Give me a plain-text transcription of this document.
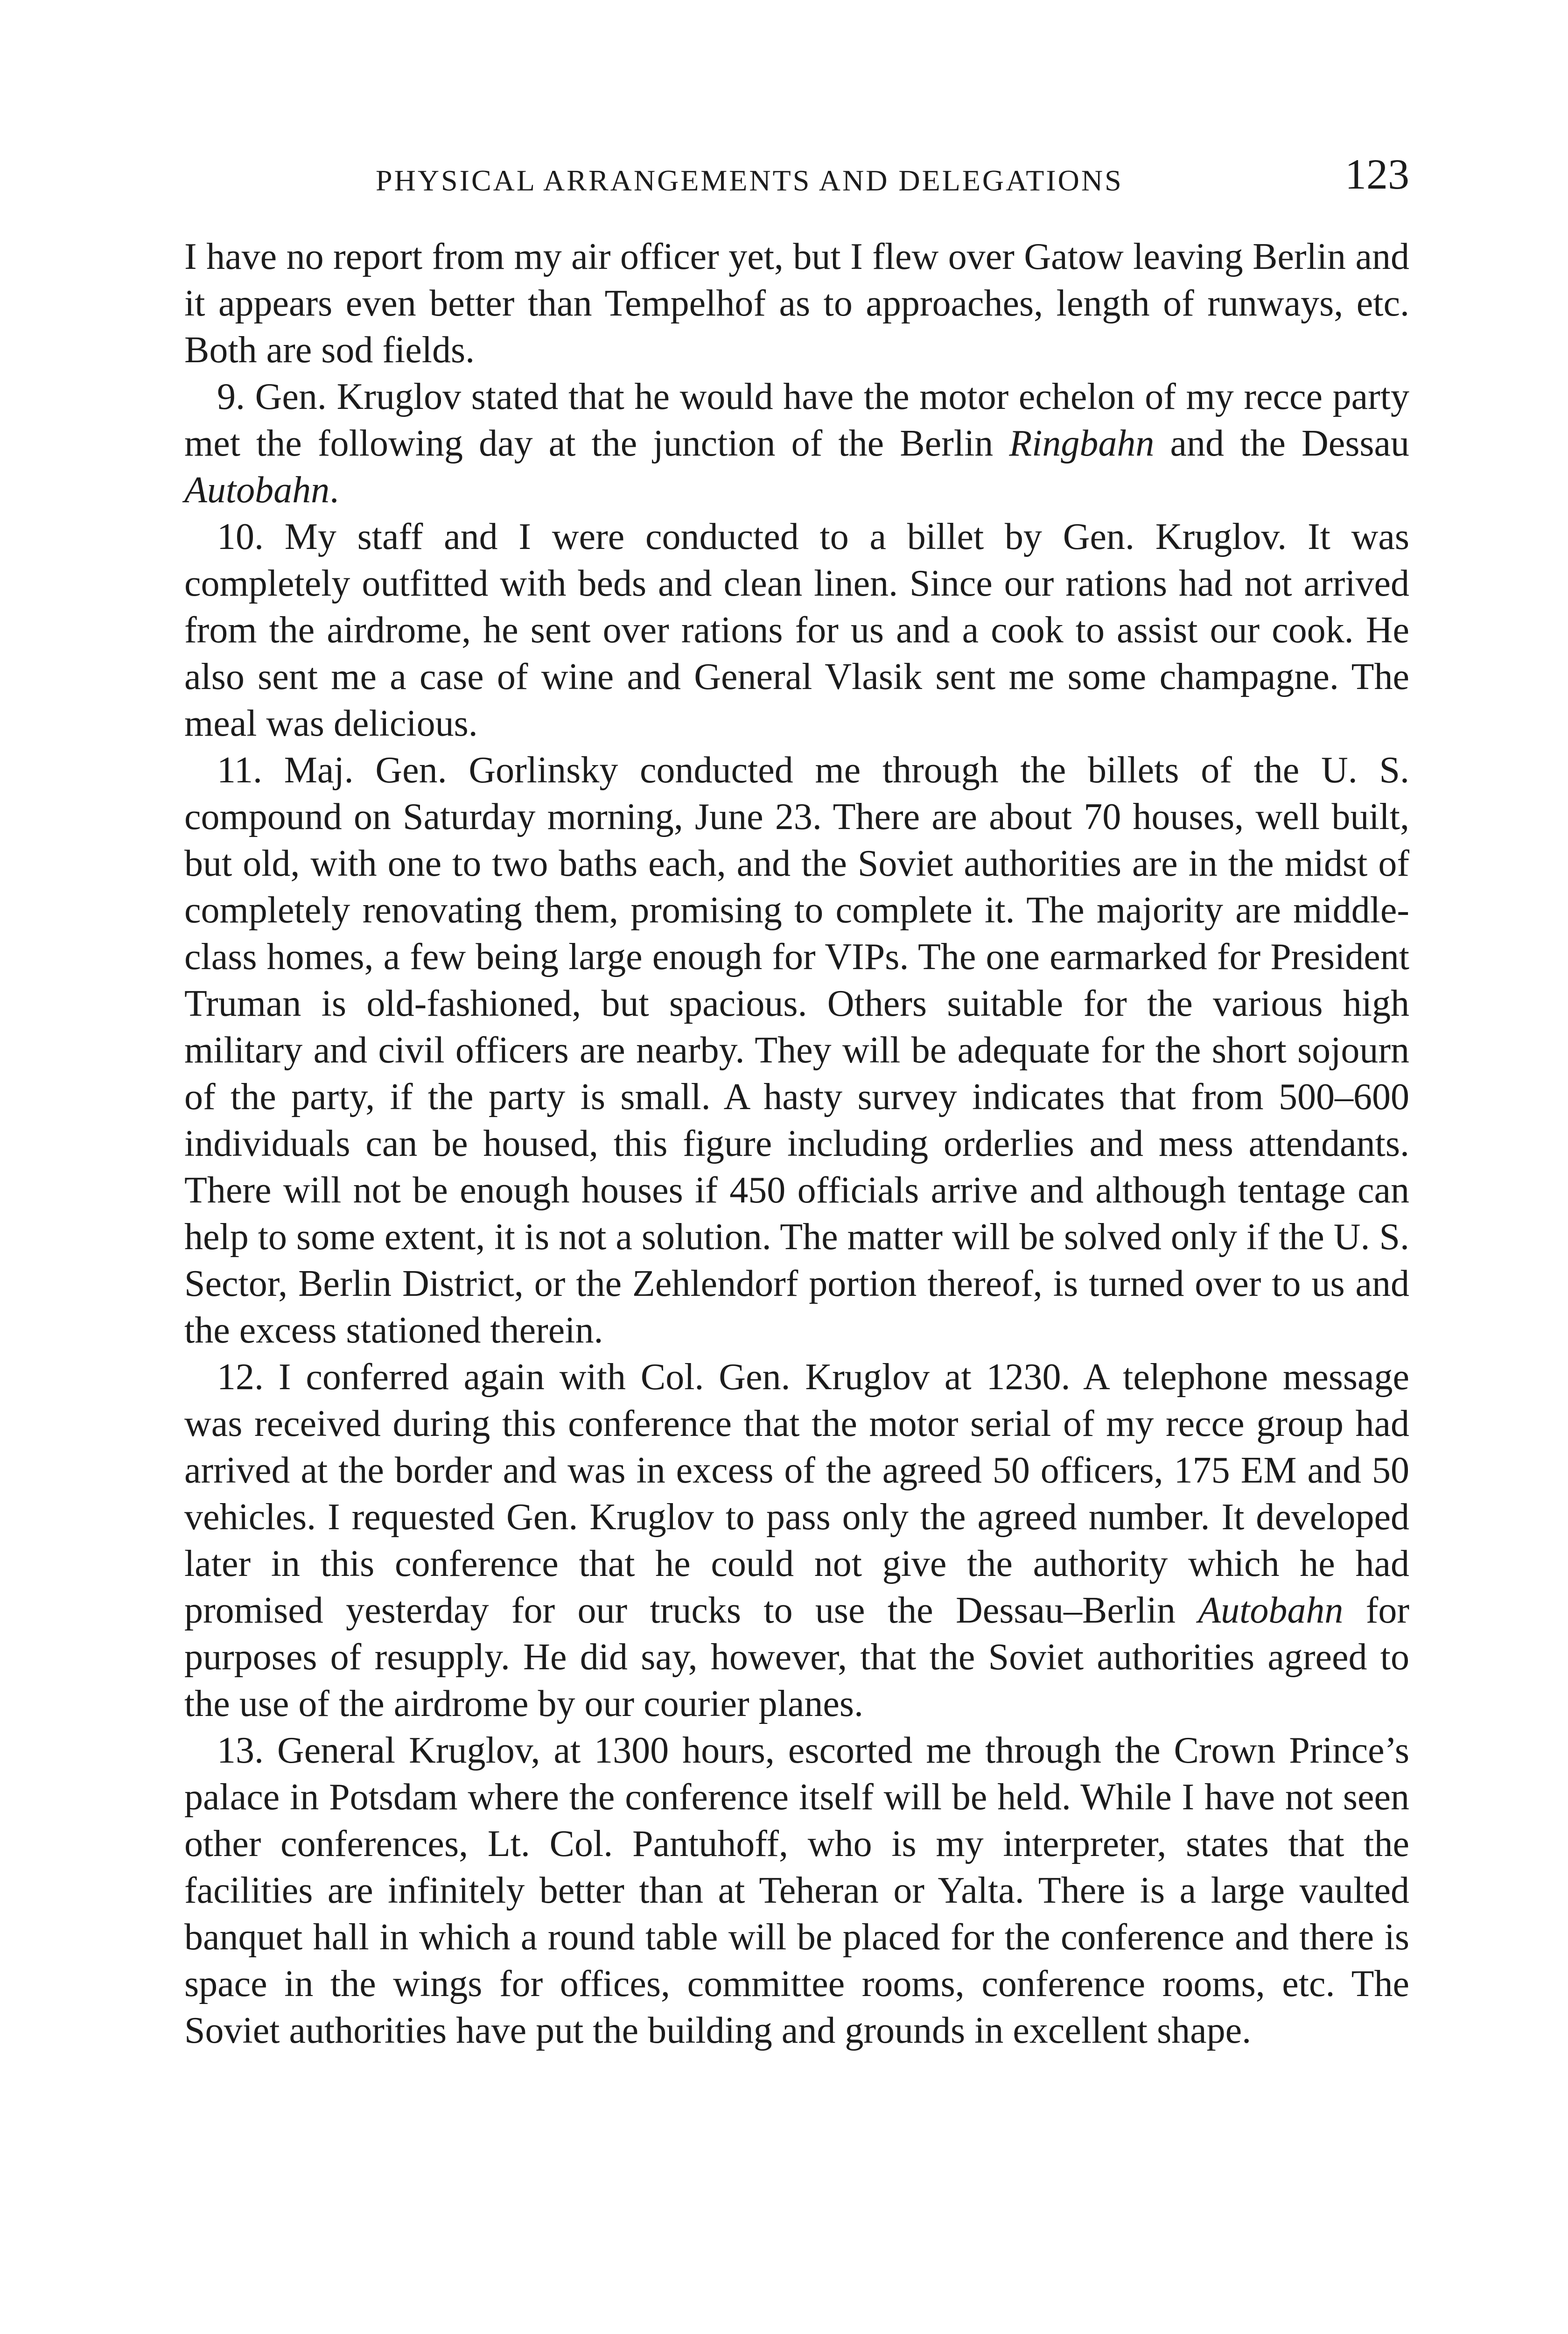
PHYSICAL ARRANGEMENTS AND DELEGATIONS	123

I have no report from my air officer yet, but I flew over Gatow leaving Berlin and it appears even better than Tempelhof as to approaches, length of runways, etc. Both are sod fields.

9. Gen. Kruglov stated that he would have the motor echelon of my recce party met the following day at the junction of the Berlin Ringbahn and the Dessau Autobahn.

10. My staff and I were conducted to a billet by Gen. Kruglov. It was completely outfitted with beds and clean linen. Since our rations had not arrived from the airdrome, he sent over rations for us and a cook to assist our cook. He also sent me a case of wine and General Vlasik sent me some champagne. The meal was delicious.

11. Maj. Gen. Gorlinsky conducted me through the billets of the U. S. compound on Saturday morning, June 23. There are about 70 houses, well built, but old, with one to two baths each, and the Soviet authorities are in the midst of completely renovating them, promising to complete it. The majority are middle-class homes, a few being large enough for VIPs. The one earmarked for President Truman is old-fashioned, but spacious. Others suitable for the various high military and civil officers are nearby. They will be adequate for the short sojourn of the party, if the party is small. A hasty survey indicates that from 500–600 individuals can be housed, this figure including orderlies and mess attendants. There will not be enough houses if 450 officials arrive and although tentage can help to some extent, it is not a solution. The matter will be solved only if the U. S. Sector, Berlin District, or the Zehlendorf portion thereof, is turned over to us and the excess stationed therein.

12. I conferred again with Col. Gen. Kruglov at 1230. A telephone message was received during this conference that the motor serial of my recce group had arrived at the border and was in excess of the agreed 50 officers, 175 EM and 50 vehicles. I requested Gen. Kruglov to pass only the agreed number. It developed later in this conference that he could not give the authority which he had promised yesterday for our trucks to use the Dessau–Berlin Autobahn for purposes of resupply. He did say, however, that the Soviet authorities agreed to the use of the airdrome by our courier planes.

13. General Kruglov, at 1300 hours, escorted me through the Crown Prince’s palace in Potsdam where the conference itself will be held. While I have not seen other conferences, Lt. Col. Pantuhoff, who is my interpreter, states that the facilities are infinitely better than at Teheran or Yalta. There is a large vaulted banquet hall in which a round table will be placed for the conference and there is space in the wings for offices, committee rooms, conference rooms, etc. The Soviet authorities have put the building and grounds in excellent shape.
